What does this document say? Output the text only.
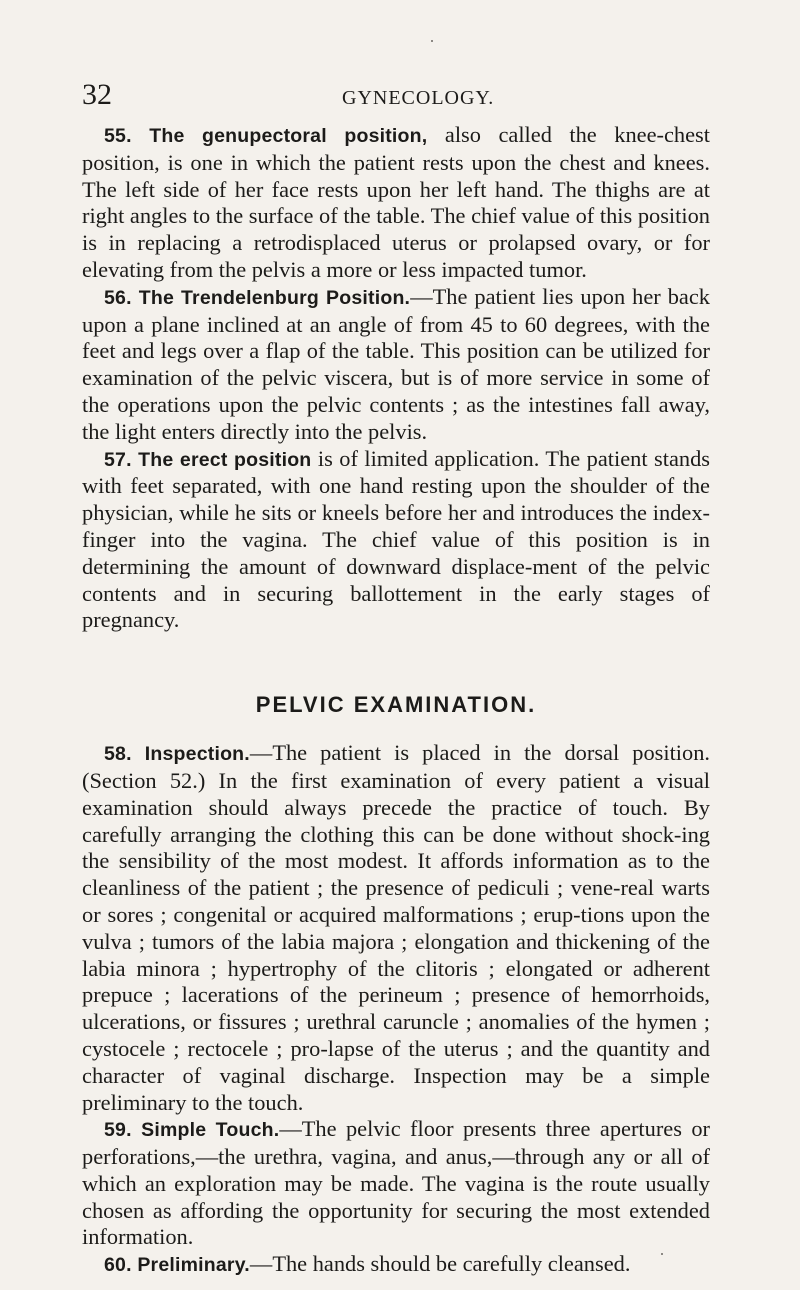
32	GYNECOLOGY.

55. The genupectoral position, also called the knee-chest position, is one in which the patient rests upon the chest and knees. The left side of her face rests upon her left hand. The thighs are at right angles to the surface of the table. The chief value of this position is in replacing a retrodisplaced uterus or prolapsed ovary, or for elevating from the pelvis a more or less impacted tumor.

56. The Trendelenburg Position.—The patient lies upon her back upon a plane inclined at an angle of from 45 to 60 degrees, with the feet and legs over a flap of the table. This position can be utilized for examination of the pelvic viscera, but is of more service in some of the operations upon the pelvic contents ; as the intestines fall away, the light enters directly into the pelvis.

57. The erect position is of limited application. The patient stands with feet separated, with one hand resting upon the shoulder of the physician, while he sits or kneels before her and introduces the index-finger into the vagina. The chief value of this position is in determining the amount of downward displace-ment of the pelvic contents and in securing ballottement in the early stages of pregnancy.

PELVIC EXAMINATION.

58. Inspection.—The patient is placed in the dorsal position. (Section 52.) In the first examination of every patient a visual examination should always precede the practice of touch. By carefully arranging the clothing this can be done without shock-ing the sensibility of the most modest. It affords information as to the cleanliness of the patient ; the presence of pediculi ; vene-real warts or sores ; congenital or acquired malformations ; erup-tions upon the vulva ; tumors of the labia majora ; elongation and thickening of the labia minora ; hypertrophy of the clitoris ; elongated or adherent prepuce ; lacerations of the perineum ; presence of hemorrhoids, ulcerations, or fissures ; urethral caruncle ; anomalies of the hymen ; cystocele ; rectocele ; pro-lapse of the uterus ; and the quantity and character of vaginal discharge. Inspection may be a simple preliminary to the touch.

59. Simple Touch.—The pelvic floor presents three apertures or perforations,—the urethra, vagina, and anus,—through any or all of which an exploration may be made. The vagina is the route usually chosen as affording the opportunity for securing the most extended information.

60. Preliminary.—The hands should be carefully cleansed.
